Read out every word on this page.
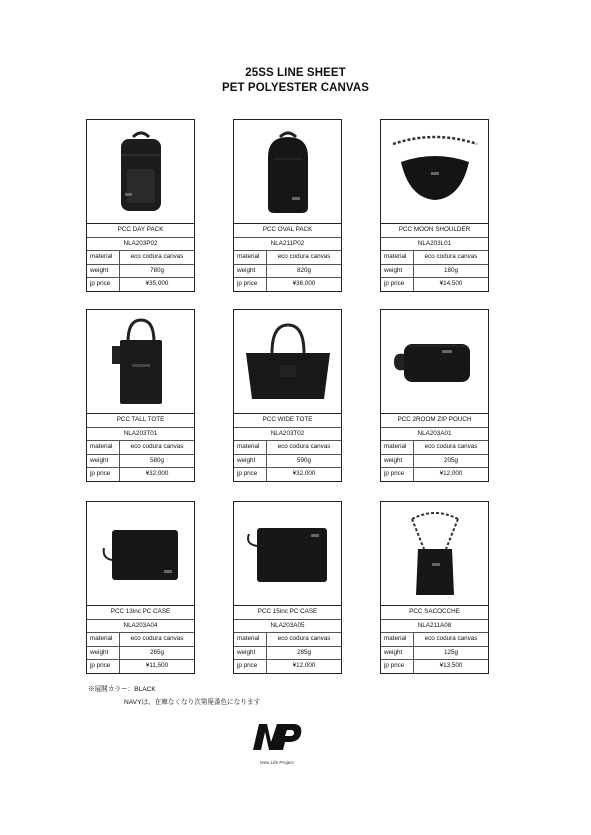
25SS LINE SHEET
PET POLYESTER CANVAS
PCC DAY PACK
NLA203P02
material	eco codura canvas
weight	780g
jp price	¥35,000
PCC OVAL PACK
NLA211P02
material	eco codura canvas
weight	820g
jp price	¥36,000
PCC MOON SHOULDER
NLA203L01
material	eco codura canvas
weight	180g
jp price	¥14,500
PCC TALL TOTE
NLA203T01
material	eco codura canvas
weight	580g
jp price	¥32,000
PCC WIDE TOTE
NLA203T02
material	eco codura canvas
weight	590g
jp price	¥32,000
PCC 2ROOM ZIP POUCH
NLA203A01
material	eco codura canvas
weight	205g
jp price	¥12,000
PCC 13inc PC CASE
NLA203A04
material	eco codura canvas
weight	265g
jp price	¥11,500
PCC 15inc PC CASE
NLA203A05
material	eco codura canvas
weight	285g
jp price	¥12,000
PCC SACOCCHE
NLA211A08
material	eco codura canvas
weight	125g
jp price	¥13,500
※展開カラー：BLACK
NAVYは、在庫なくなり次第廃番色になります
New Life Project
